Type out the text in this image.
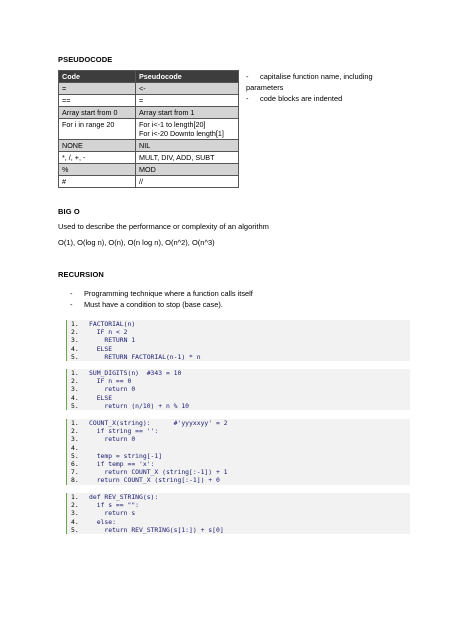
PSEUDOCODE
Code	Pseudocode
=	<-
==	=
Array start from 0	Array start from 1
For i in range 20	For i<-1 to length[20]
For i<-20 Downto length[1]
NONE	NIL
*, /, +, -	MULT, DIV, ADD, SUBT
%	MOD
#	//
- capitalise function name, including parameters
- code blocks are indented
BIG O
Used to describe the performance or complexity of an algorithm
O(1), O(log n), O(n), O(n log n), O(n^2), O(n^3)
RECURSION
- Programming technique where a function calls itself
- Must have a condition to stop (base case).
1.	FACTORIAL(n)
2.	IF n < 2
3.	RETURN 1
4.	ELSE
5.	RETURN FACTORIAL(n-1) * n
1.	SUM_DIGITS(n)  #343 = 10
2.	IF n == 0
3.	return 0
4.	ELSE
5.	return (n/10) + n % 10
1.	COUNT_X(string):      #'yyyxxyy' = 2
2.	if string == '':
3.	return 0
4.
5.	temp = string[-1]
6.	if temp == 'x':
7.	return COUNT_X (string[:-1]) + 1
8.	return COUNT_X (string[:-1]) + 0
1.	def REV_STRING(s):
2.	if s == "":
3.	return s
4.	else:
5.	return REV_STRING(s[1:]) + s[0]
